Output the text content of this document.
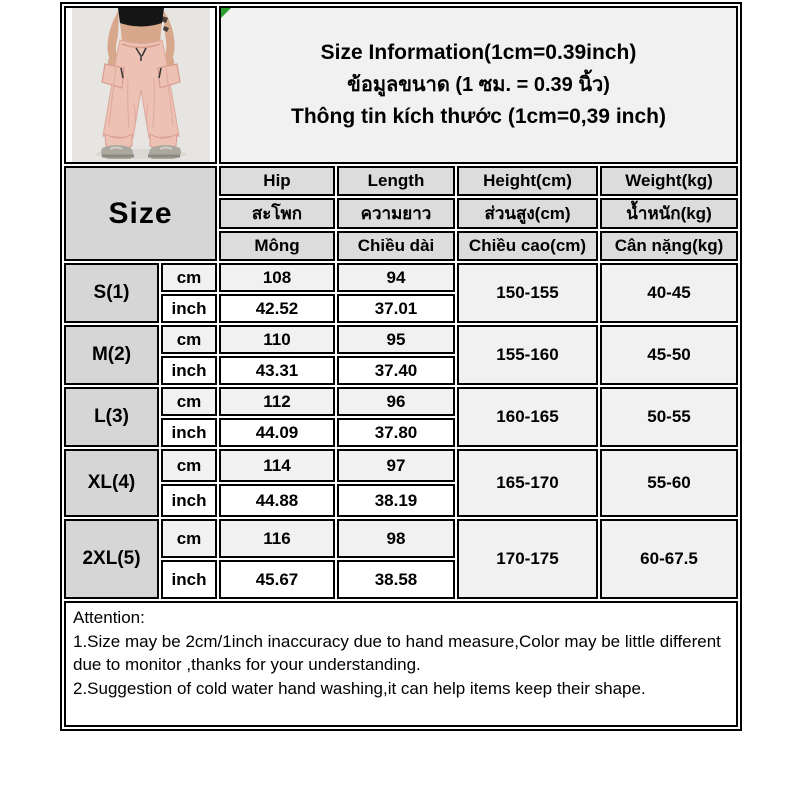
Size Information(1cm=0.39inch)
ข้อมูลขนาด (1 ซม. = 0.39 นิ้ว)
Thông tin kích thước (1cm=0,39 inch)			

Size		Hip	Length	Height(cm)	Weight(kg)
		สะโพก	ความยาว	ส่วนสูง(cm)	น้ำหนัก(kg)
		Mông	Chiều dài	Chiều cao(cm)	Cân nặng(kg)
S(1)	cm	108	94	150-155	40-45
	inch	42.52	37.01		
M(2)	cm	110	95	155-160	45-50
	inch	43.31	37.40		
L(3)	cm	112	96	160-165	50-55
	inch	44.09	37.80		
XL(4)	cm	114	97	165-170	55-60
	inch	44.88	38.19		
2XL(5)	cm	116	98	170-175	60-67.5
	inch	45.67	38.58		

Attention:
1.Size may be 2cm/1inch inaccuracy due to hand measure,Color may be little different due to monitor ,thanks for your understanding.
2.Suggestion of cold water hand washing,it can help items keep their shape.					
